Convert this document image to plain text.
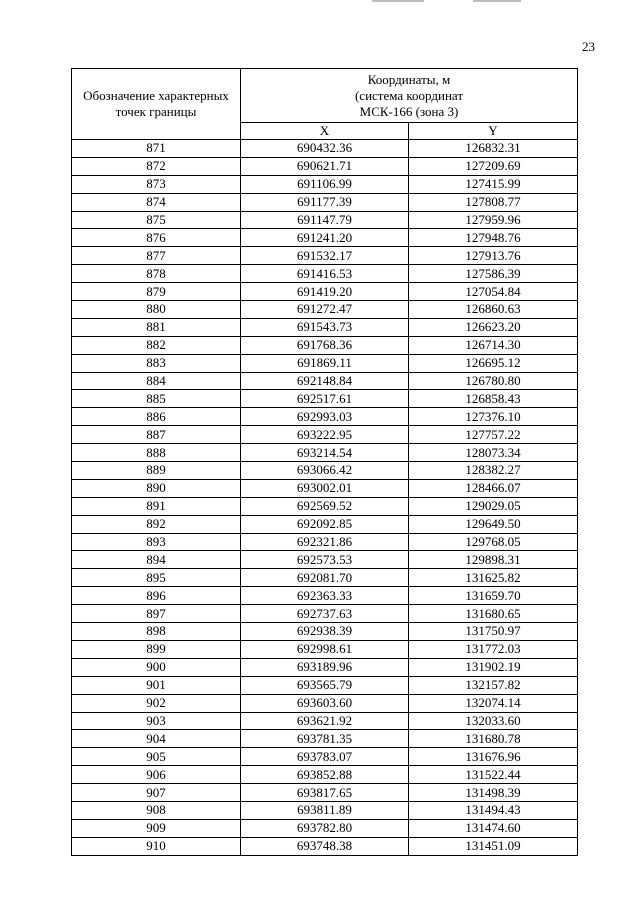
23
Обозначение характерных точек границы	Координаты, м
(система координат
МСК-166 (зона 3)	

	X	Y
871	690432.36	126832.31
872	690621.71	127209.69
873	691106.99	127415.99
874	691177.39	127808.77
875	691147.79	127959.96
876	691241.20	127948.76
877	691532.17	127913.76
878	691416.53	127586.39
879	691419.20	127054.84
880	691272.47	126860.63
881	691543.73	126623.20
882	691768.36	126714.30
883	691869.11	126695.12
884	692148.84	126780.80
885	692517.61	126858.43
886	692993.03	127376.10
887	693222.95	127757.22
888	693214.54	128073.34
889	693066.42	128382.27
890	693002.01	128466.07
891	692569.52	129029.05
892	692092.85	129649.50
893	692321.86	129768.05
894	692573.53	129898.31
895	692081.70	131625.82
896	692363.33	131659.70
897	692737.63	131680.65
898	692938.39	131750.97
899	692998.61	131772.03
900	693189.96	131902.19
901	693565.79	132157.82
902	693603.60	132074.14
903	693621.92	132033.60
904	693781.35	131680.78
905	693783.07	131676.96
906	693852.88	131522.44
907	693817.65	131498.39
908	693811.89	131494.43
909	693782.80	131474.60
910	693748.38	131451.09
